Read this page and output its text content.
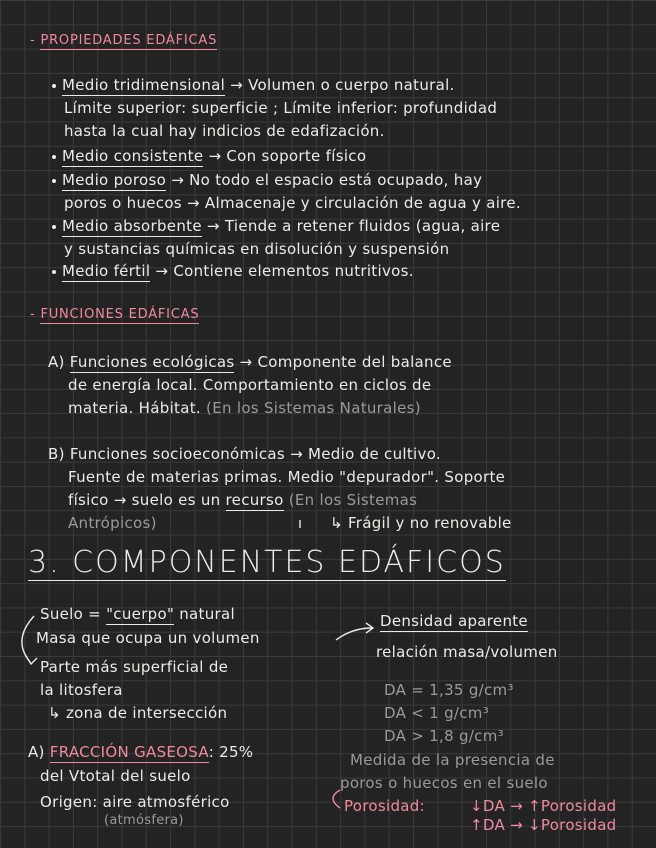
- PROPIEDADES EDÁFICAS
Medio tridimensional → Volumen o cuerpo natural.
Límite superior: superficie ; Límite inferior: profundidad
hasta la cual hay indicios de edafización.
Medio consistente → Con soporte físico
Medio poroso → No todo el espacio está ocupado, hay
poros o huecos → Almacenaje y circulación de agua y aire.
Medio absorbente → Tiende a retener fluidos (agua, aire
y sustancias químicas en disolución y suspensión
Medio fértil → Contiene elementos nutritivos.
- FUNCIONES EDÁFICAS
A) Funciones ecológicas → Componente del balance
de energía local. Comportamiento en ciclos de
materia. Hábitat. (En los Sistemas Naturales)
B) Funciones socioeconómicas → Medio de cultivo.
Fuente de materias primas. Medio "depurador". Soporte
físico → suelo es un recurso (En los Sistemas
Antrópicos)	↳ Frágil y no renovable
3. COMPONENTES EDÁFICOS
Suelo = "cuerpo" natural
Masa que ocupa un volumen
Parte más superficial de
la litosfera
↳ zona de intersección
Densidad aparente
relación masa/volumen
DA = 1,35 g/cm³
DA < 1 g/cm³
DA > 1,8 g/cm³
Medida de la presencia de
poros o huecos en el suelo
Porosidad:	↓DA → ↑Porosidad
↑DA → ↓Porosidad
A) FRACCIÓN GASEOSA: 25%
del Vtotal del suelo
Origen: aire atmosférico
(atmósfera)
